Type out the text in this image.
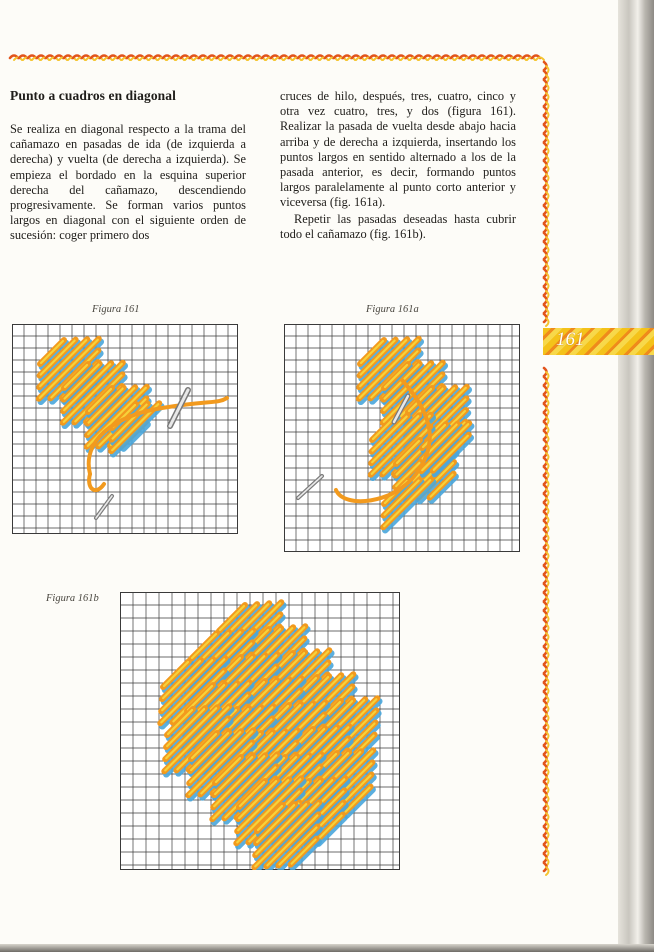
Punto a cuadros en diagonal

Se realiza en diagonal respecto a la trama del cañamazo en pasadas de ida (de izquierda a derecha) y vuelta (de derecha a izquierda). Se empieza el bordado en la esquina superior derecha del cañamazo, descendiendo progresivamente. Se forman varios puntos largos en diagonal con el siguiente orden de sucesión: coger primero dos

cruces de hilo, después, tres, cuatro, cinco y otra vez cuatro, tres, y dos (figura 161). Realizar la pasada de vuelta desde abajo hacia arriba y de derecha a izquierda, insertando los puntos largos en sentido alternado a los de la pasada anterior, es decir, formando puntos largos paralelamente al punto corto anterior y viceversa (fig. 161a).

Repetir las pasadas deseadas hasta cubrir todo el cañamazo (fig. 161b).

Figura 161	Figura 161a
Figura 161b
161
